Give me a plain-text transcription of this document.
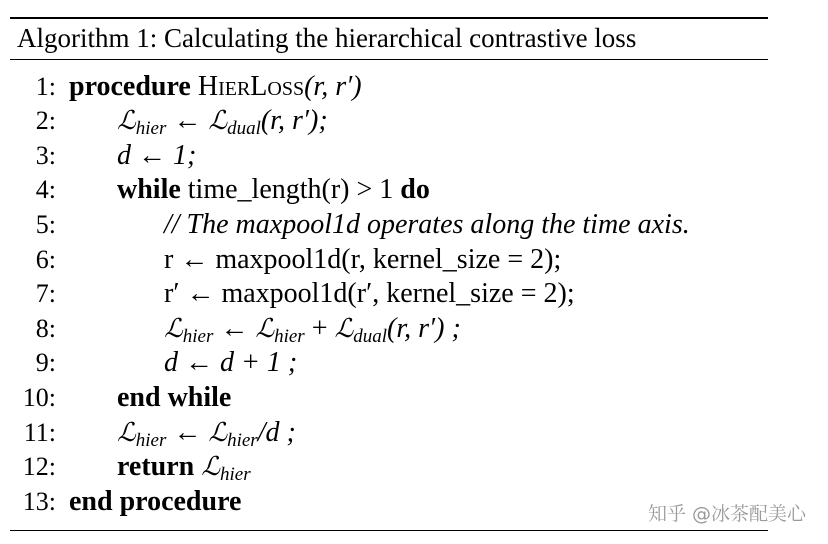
Algorithm 1: Calculating the hierarchical contrastive loss
1: procedure HierLoss(r, r′)
2: ℒ$_{hier}$ ← ℒ$_{dual}$(r, r′);
3: d ← 1;
4: while time_length(r) > 1 do
5:	// The maxpool1d operates along the time axis.
6:	r ← maxpool1d(r, kernel_size = 2);
7:	r′ ← maxpool1d(r′, kernel_size = 2);
8:	ℒ$_{hier}$ ← ℒ$_{hier}$ + ℒ$_{dual}$(r, r′) ;
9:	d ← d + 1 ;
10: end while
11: ℒ$_{hier}$ ← ℒ$_{hier}$/d ;
12: return ℒ$_{hier}$
13: end procedure	知乎 @冰茶配美心
